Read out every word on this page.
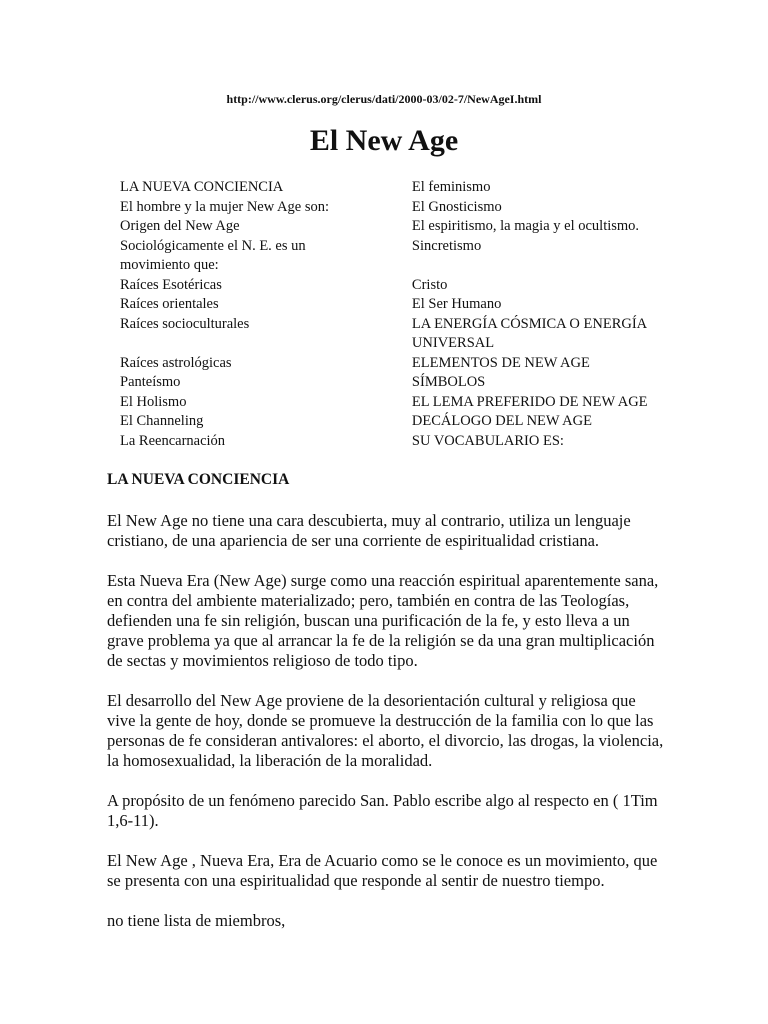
http://www.clerus.org/clerus/dati/2000-03/02-7/NewAgeI.html
El New Age
LA NUEVA CONCIENCIA
El hombre y la mujer New Age son:
Origen del New Age
Sociológicamente el N. E. es un movimiento que:
Raíces Esotéricas
Raíces orientales
Raíces socioculturales
Raíces astrológicas
Panteísmo
El Holismo
El Channeling
La Reencarnación
El feminismo
El Gnosticismo
El espiritismo, la magia y el ocultismo.
Sincretismo
Cristo
El Ser Humano
LA ENERGÍA CÓSMICA O ENERGÍA UNIVERSAL
ELEMENTOS DE NEW AGE
SÍMBOLOS
EL LEMA PREFERIDO DE NEW AGE
DECÁLOGO DEL NEW AGE
SU VOCABULARIO ES:
LA NUEVA CONCIENCIA

El New Age no tiene una cara descubierta, muy al contrario, utiliza un lenguaje cristiano, de una apariencia de ser una corriente de espiritualidad cristiana.

Esta Nueva Era (New Age) surge como una reacción espiritual aparentemente sana, en contra del ambiente materializado; pero, también en contra de las Teologías, defienden una fe sin religión, buscan una purificación de la fe, y esto lleva a un grave problema ya que al arrancar la fe de la religión se da una gran multiplicación de sectas y movimientos religioso de todo tipo.

El desarrollo del New Age proviene de la desorientación cultural y religiosa que vive la gente de hoy, donde se promueve la destrucción de la familia con lo que las personas de fe consideran antivalores: el aborto, el divorcio, las drogas, la violencia, la homosexualidad, la liberación de la moralidad.

A propósito de un fenómeno parecido San. Pablo escribe algo al respecto en ( 1Tim 1,6-11).

El New Age , Nueva Era, Era de Acuario como se le conoce es un movimiento, que se presenta con una espiritualidad que responde al sentir de nuestro tiempo.

no tiene lista de miembros,
